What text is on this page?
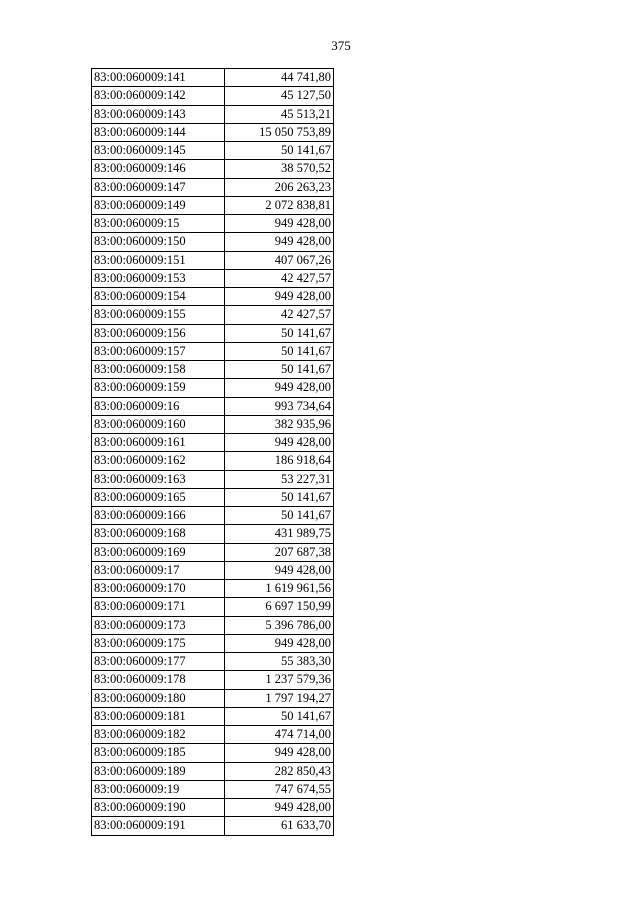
375
83:00:060009:141	44 741,80
83:00:060009:142	45 127,50
83:00:060009:143	45 513,21
83:00:060009:144	15 050 753,89
83:00:060009:145	50 141,67
83:00:060009:146	38 570,52
83:00:060009:147	206 263,23
83:00:060009:149	2 072 838,81
83:00:060009:15	949 428,00
83:00:060009:150	949 428,00
83:00:060009:151	407 067,26
83:00:060009:153	42 427,57
83:00:060009:154	949 428,00
83:00:060009:155	42 427,57
83:00:060009:156	50 141,67
83:00:060009:157	50 141,67
83:00:060009:158	50 141,67
83:00:060009:159	949 428,00
83:00:060009:16	993 734,64
83:00:060009:160	382 935,96
83:00:060009:161	949 428,00
83:00:060009:162	186 918,64
83:00:060009:163	53 227,31
83:00:060009:165	50 141,67
83:00:060009:166	50 141,67
83:00:060009:168	431 989,75
83:00:060009:169	207 687,38
83:00:060009:17	949 428,00
83:00:060009:170	1 619 961,56
83:00:060009:171	6 697 150,99
83:00:060009:173	5 396 786,00
83:00:060009:175	949 428,00
83:00:060009:177	55 383,30
83:00:060009:178	1 237 579,36
83:00:060009:180	1 797 194,27
83:00:060009:181	50 141,67
83:00:060009:182	474 714,00
83:00:060009:185	949 428,00
83:00:060009:189	282 850,43
83:00:060009:19	747 674,55
83:00:060009:190	949 428,00
83:00:060009:191	61 633,70
